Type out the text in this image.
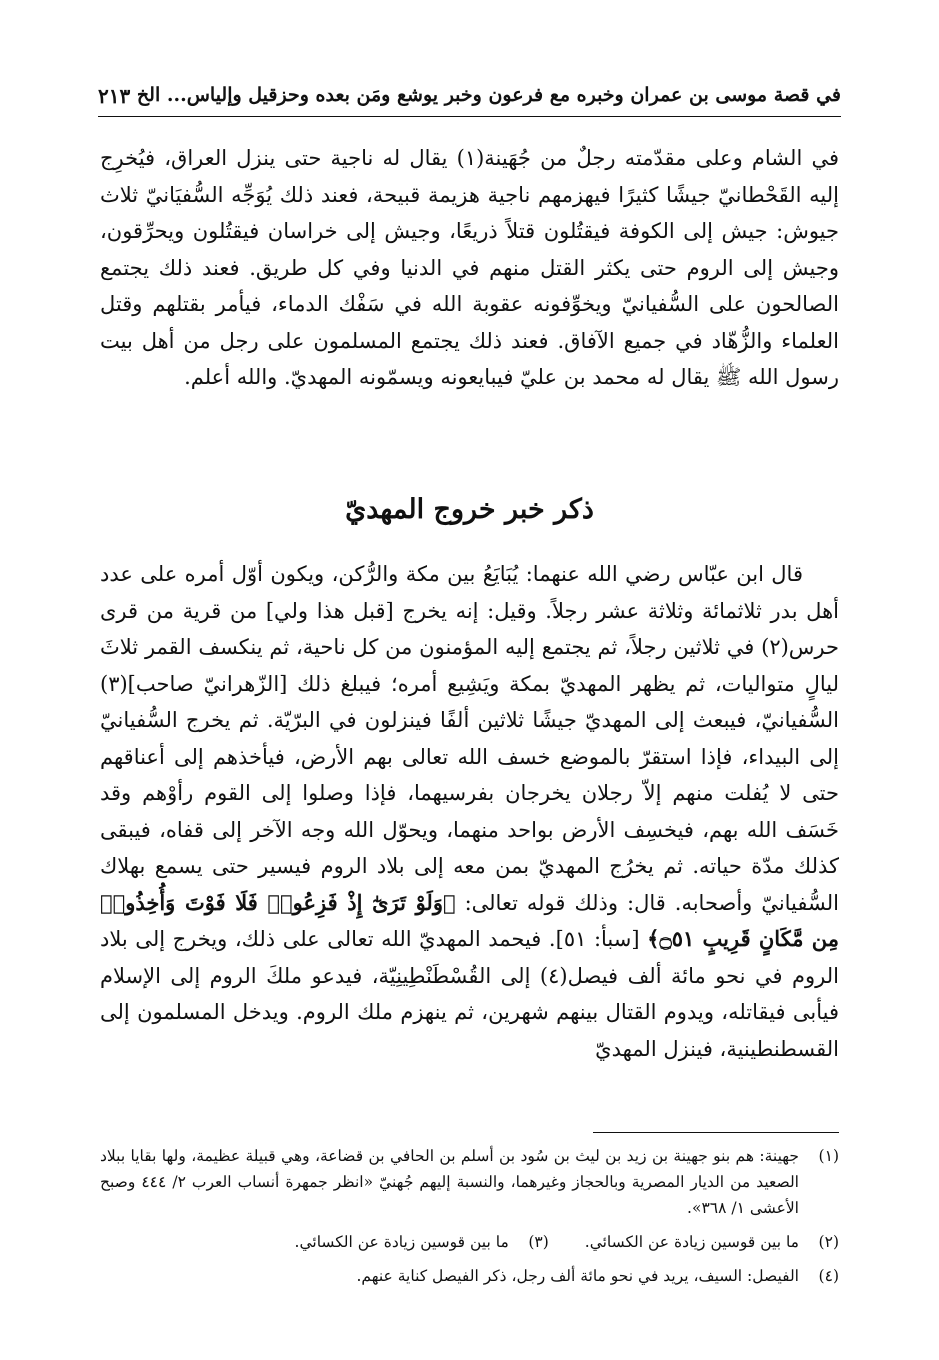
في قصة موسى بن عمران وخبره مع فرعون وخبر يوشع ومَن بعده وحزقيل وإلياس... الخ
٢١٣
في الشام وعلى مقدّمته رجلٌ من جُهَينة(١) يقال له ناجية حتى ينزل العراق، فيُخرِج إليه القَحْطانيّ جيشًا كثيرًا فيهزمهم ناجية هزيمة قبيحة، فعند ذلك يُوَجِّه السُّفيَانيّ ثلاث جيوش: جيش إلى الكوفة فيقتُلون قتلاً ذريعًا، وجيش إلى خراسان فيقتُلون ويحرِّقون، وجيش إلى الروم حتى يكثر القتل منهم في الدنيا وفي كل طريق. فعند ذلك يجتمع الصالحون على السُّفيانيّ ويخوِّفونه عقوبة الله في سَفْك الدماء، فيأمر بقتلهم وقتل العلماء والزُّهّاد في جميع الآفاق. فعند ذلك يجتمع المسلمون على رجل من أهل بيت رسول الله ﷺ يقال له محمد بن عليّ فيبايعونه ويسمّونه المهديّ. والله أعلم.
ذكر خبر خروج المهديّ
قال ابن عبّاس رضي الله عنهما: يُبَايَعُ بين مكة والرُّكن، ويكون أوّل أمره على عدد أهل بدر ثلاثمائة وثلاثة عشر رجلاً. وقيل: إنه يخرج [قبل هذا ولي] من قرية من قرى حرس(٢) في ثلاثين رجلاً، ثم يجتمع إليه المؤمنون من كل ناحية، ثم ينكسف القمر ثلاثَ ليالٍ متواليات، ثم يظهر المهديّ بمكة ويَشِيع أمره؛ فيبلغ ذلك [الزّهرانيّ صاحب](٣) السُّفيانيّ، فيبعث إلى المهديّ جيشًا ثلاثين ألفًا فينزلون في البرّيّة. ثم يخرج السُّفيانيّ إلى البيداء، فإذا استقرّ بالموضع خسف الله تعالى بهم الأرض، فيأخذهم إلى أعناقهم حتى لا يُفلت منهم إلاّ رجلان يخرجان بفرسيهما، فإذا وصلوا إلى القوم رأوْهم وقد خَسَف الله بهم، فيخسِف الأرض بواحد منهما، ويحوّل الله وجه الآخر إلى قفاه، فيبقى كذلك مدّة حياته. ثم يخرُج المهديّ بمن معه إلى بلاد الروم فيسير حتى يسمع بهلاك السُّفيانيّ وأصحابه. قال: وذلك قوله تعالى: ﴿وَلَوْ تَرَىٰٓ إِذْ فَزِعُوا۟ فَلَا فَوْتَ وَأُخِذُوا۟ مِن مَّكَانٍ قَرِيبٍ ۝٥١﴾ [سبأ: ٥١]. فيحمد المهديّ الله تعالى على ذلك، ويخرج إلى بلاد الروم في نحو مائة ألف فيصل(٤) إلى القُسْطَنْطِينِيّة، فيدعو ملكَ الروم إلى الإسلام فيأبى فيقاتله، ويدوم القتال بينهم شهرين، ثم ينهزم ملك الروم. ويدخل المسلمون إلى القسطنطينية، فينزل المهديّ
(١)
جهينة: هم بنو جهينة بن زيد بن ليث بن سُود بن أسلم بن الحافي بن قضاعة، وهي قبيلة عظيمة، ولها بقايا ببلاد الصعيد من الديار المصرية وبالحجاز وغيرهما، والنسبة إليهم جُهنيّ «انظر جمهرة أنساب العرب ٢/ ٤٤٤ وصبح الأعشى ١/ ٣٦٨».
(٢)
ما بين قوسين زيادة عن الكسائي.
(٣)
ما بين قوسين زيادة عن الكسائي.
(٤)
الفيصل: السيف، يريد في نحو مائة ألف رجل، ذكر الفيصل كناية عنهم.
